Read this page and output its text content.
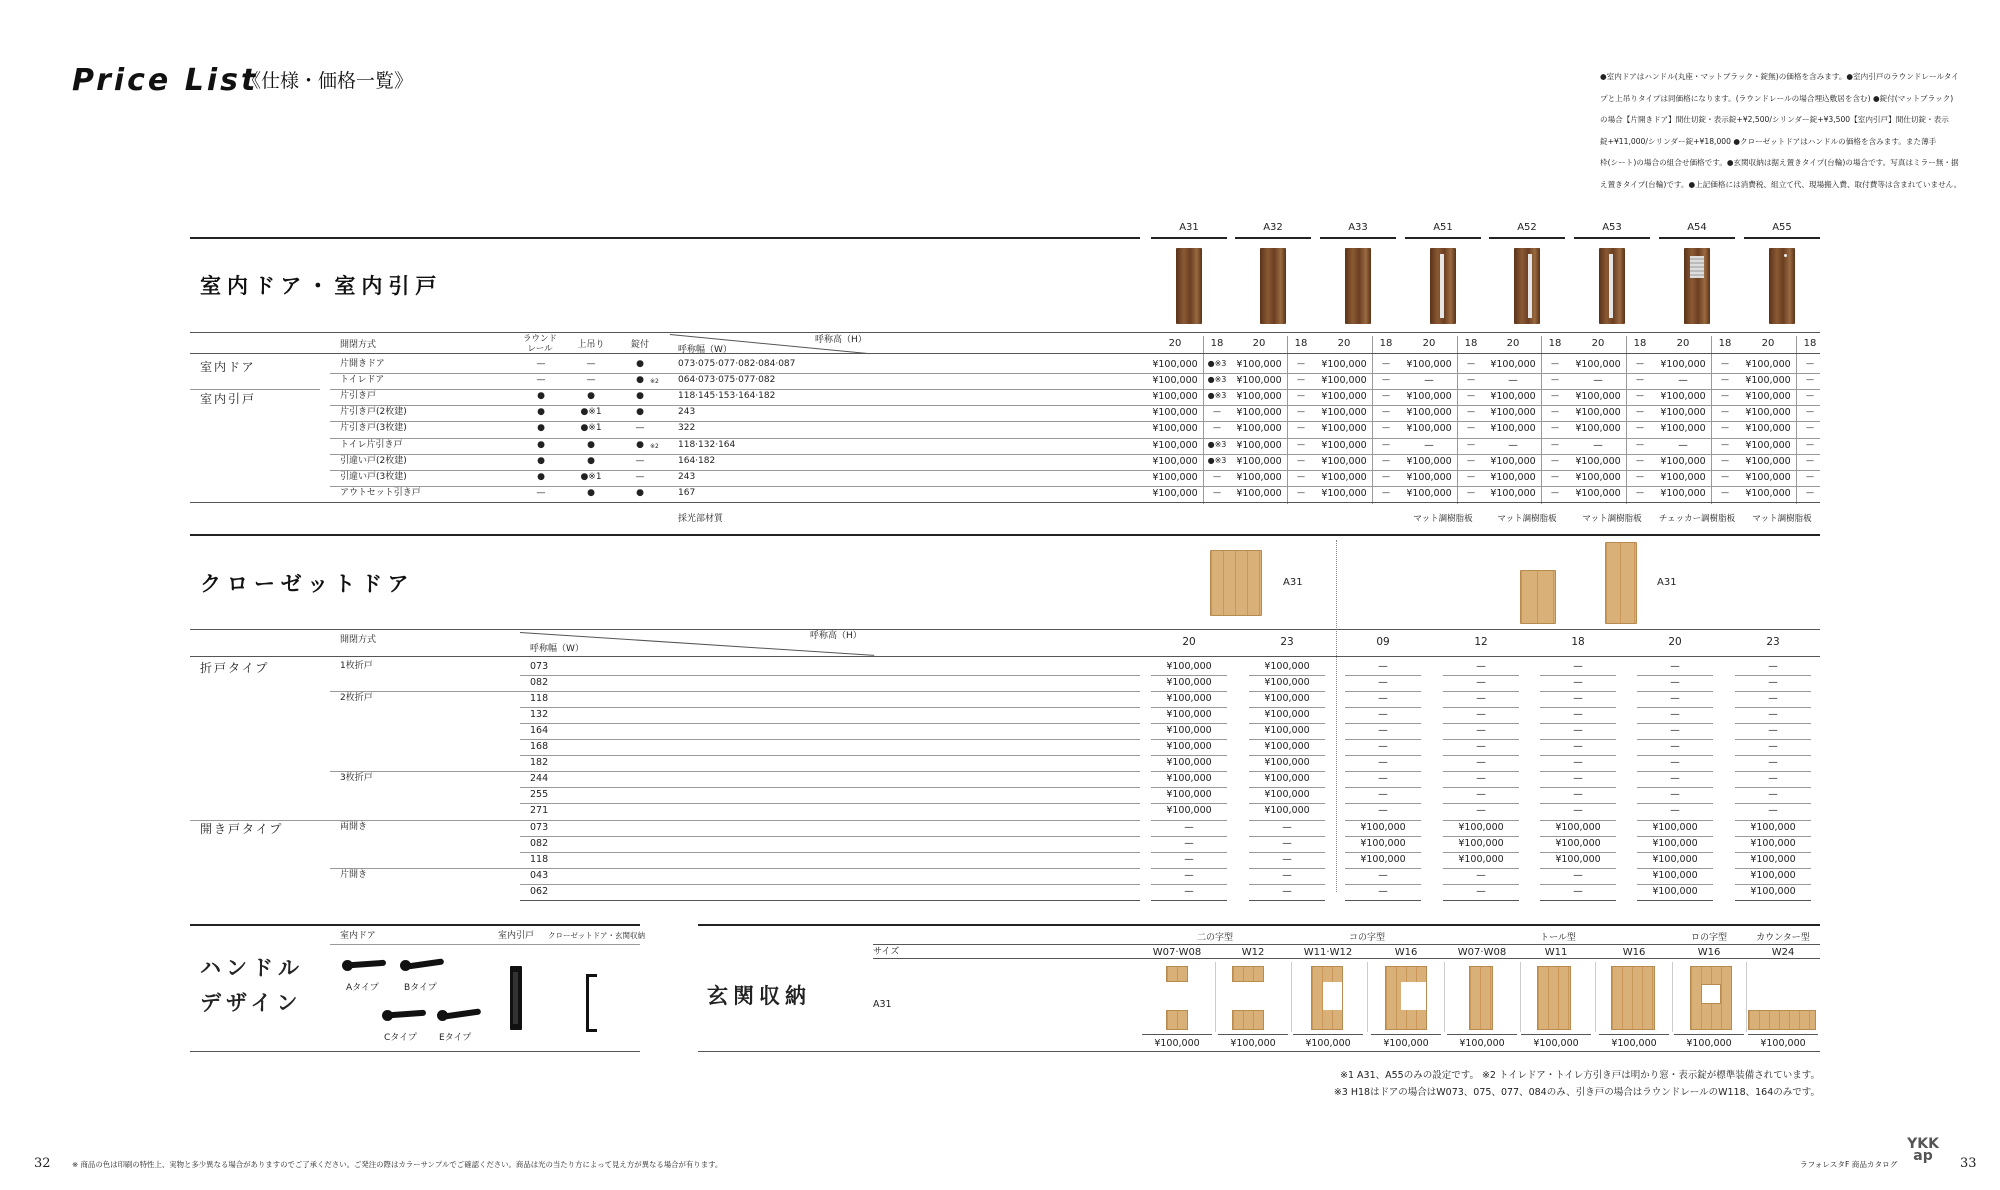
Price List
《仕様・価格一覧》	●室内ドアはハンドル(丸座・マットブラック・錠無)の価格を含みます。●室内引戸のラウンドレールタイ

プと上吊りタイプは同価格になります。(ラウンドレールの場合埋込敷居を含む) ●錠付(マットブラック)

の場合【片開きドア】間仕切錠・表示錠+¥2,500/シリンダー錠+¥3,500【室内引戸】間仕切錠・表示

錠+¥11,000/シリンダー錠+¥18,000 ●クローゼットドアはハンドルの価格を含みます。また薄手

枠(シート)の場合の組合せ価格です。●玄関収納は据え置きタイプ(台輪)の場合です。写真はミラー無・据

え置きタイプ(台輪)です。●上記価格には消費税、組立て代、現場搬入費、取付費等は含まれていません。

室内ドア・室内引戸
A31
20	18
A32
20	18
A33
20	18
A51
20	18
A52
20	18
A53
20	18
A54
20	18
A55
20	18
開閉方式
ラウンドレール	上吊り	錠付	呼称高（H）
呼称幅（W）
片開きドア	—	—	●	073·075·077·082·084·087	¥100,000	●※3	¥100,000	—	¥100,000	—	¥100,000	—	¥100,000	—	¥100,000	—	¥100,000	—	¥100,000	—
トイレドア	—	—	●	※2 064·073·075·077·082	¥100,000	●※3	¥100,000	—	¥100,000	—	—	—	—	—	—	—	—	—	¥100,000	—
片引き戸	●	●	●	118·145·153·164·182	¥100,000	●※3	¥100,000	—	¥100,000	—	¥100,000	—	¥100,000	—	¥100,000	—	¥100,000	—	¥100,000	—
片引き戸(2枚建)	●	●※1	●	243	¥100,000	—	¥100,000	—	¥100,000	—	¥100,000	—	¥100,000	—	¥100,000	—	¥100,000	—	¥100,000	—
片引き戸(3枚建)	●	●※1	—	322	¥100,000	—	¥100,000	—	¥100,000	—	¥100,000	—	¥100,000	—	¥100,000	—	¥100,000	—	¥100,000	—
トイレ片引き戸	●	●	●	※2 118·132·164	¥100,000	●※3	¥100,000	—	¥100,000	—	—	—	—	—	—	—	—	—	¥100,000	—
引違い戸(2枚建)	●	●	—	164·182	¥100,000	●※3	¥100,000	—	¥100,000	—	¥100,000	—	¥100,000	—	¥100,000	—	¥100,000	—	¥100,000	—
引違い戸(3枚建)	●	●※1	—	243	¥100,000	—	¥100,000	—	¥100,000	—	¥100,000	—	¥100,000	—	¥100,000	—	¥100,000	—	¥100,000	—
アウトセット引き戸	—	●	●	167	¥100,000	—	¥100,000	—	¥100,000	—	¥100,000	—	¥100,000	—	¥100,000	—	¥100,000	—	¥100,000	—
室内ドア
室内引戸
採光部材質	マット調樹脂板	マット調樹脂板	マット調樹脂板	チェッカー調樹脂板	マット調樹脂板
クローゼットドア	A31	A31
開閉方式	呼称高（H）
呼称幅（W）
20	23	09	12	18	20	23
073	¥100,000	¥100,000	—	—	—	—	—
082	¥100,000	¥100,000	—	—	—	—	—
118	¥100,000	¥100,000	—	—	—	—	—
132	¥100,000	¥100,000	—	—	—	—	—
164	¥100,000	¥100,000	—	—	—	—	—
168	¥100,000	¥100,000	—	—	—	—	—
182	¥100,000	¥100,000	—	—	—	—	—
244	¥100,000	¥100,000	—	—	—	—	—
255	¥100,000	¥100,000	—	—	—	—	—
271	¥100,000	¥100,000	—	—	—	—	—
073	—	—	¥100,000	¥100,000	¥100,000	¥100,000	¥100,000
082	—	—	¥100,000	¥100,000	¥100,000	¥100,000	¥100,000
118	—	—	¥100,000	¥100,000	¥100,000	¥100,000	¥100,000
043	—	—	—	—	—	¥100,000	¥100,000
062	—	—	—	—	—	¥100,000	¥100,000
折戸タイプ
開き戸タイプ
1枚折戸
2枚折戸
3枚折戸
両開き
片開き
室内ドア	室内引戸 クローゼットドア・玄関収納
ハンドル
デザイン
Aタイプ	Bタイプ
Cタイプ Eタイプ
玄関収納
サイズ
A31
二の字型	コの字型	トール型	ロの字型	カウンター型
W07·W08
¥100,000
W12
¥100,000
W11·W12
¥100,000
W16
¥100,000
W07·W08
¥100,000
W11
¥100,000
W16
¥100,000
W16
¥100,000
W24
¥100,000
※1 A31、A55のみの設定です。 ※2 トイレドア・トイレ方引き戸は明かり窓・表示錠が標準装備されています。
※3 H18はドアの場合はW073、075、077、084のみ、引き戸の場合はラウンドレールのW118、164のみです。
32	※ 商品の色は印刷の特性上、実物と多少異なる場合がありますのでご了承ください。ご発注の際はカラーサンプルでご確認ください。商品は光の当たり方によって見え方が異なる場合が有ります。	ラフォレスタF 商品カタログ
YKK ap	33
